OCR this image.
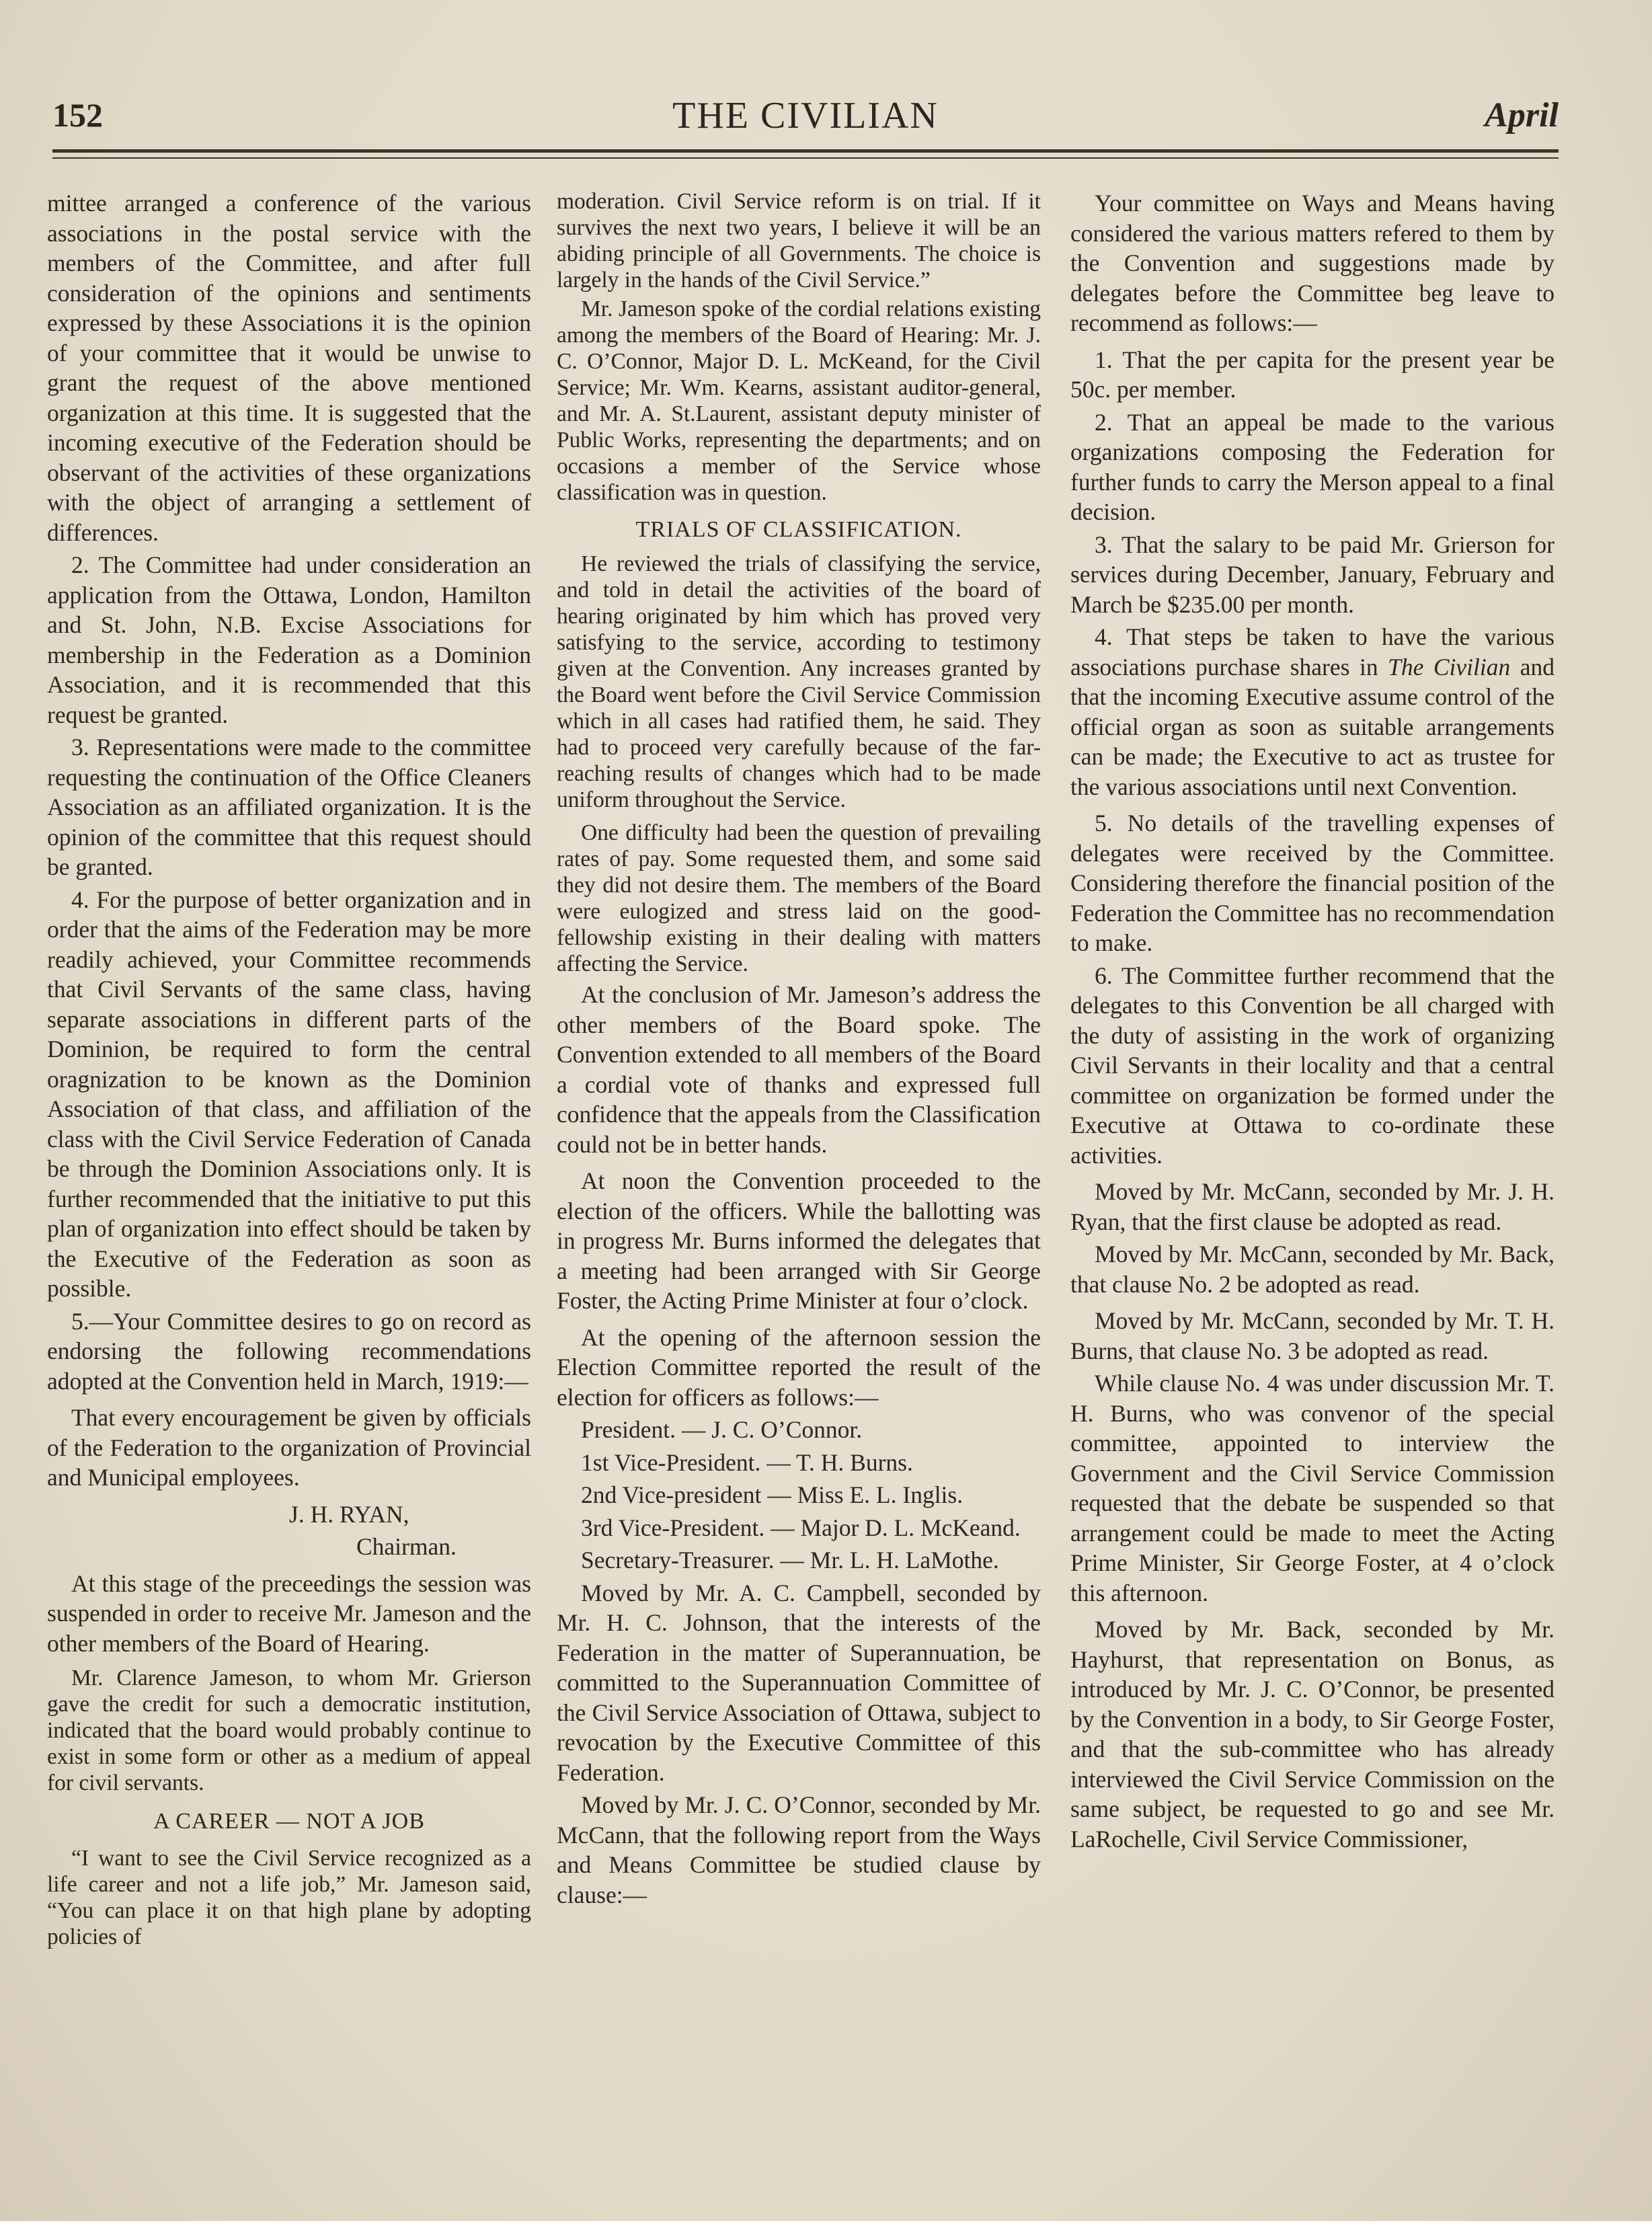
152	THE CIVILIAN	April

mittee arranged a conference of the various associations in the postal service with the members of the Committee, and after full consideration of the opinions and sentiments expressed by these Associations it is the opinion of your committee that it would be unwise to grant the request of the above mentioned organization at this time. It is suggested that the incoming executive of the Federation should be observant of the activities of these organizations with the object of arranging a settlement of differences.

2. The Committee had under consideration an application from the Ottawa, London, Hamilton and St. John, N.B. Excise Associations for membership in the Federation as a Dominion Association, and it is recommended that this request be granted.

3. Representations were made to the committee requesting the continuation of the Office Cleaners Association as an affiliated organization. It is the opinion of the committee that this request should be granted.

4. For the purpose of better organization and in order that the aims of the Federation may be more readily achieved, your Committee recommends that Civil Servants of the same class, having separate associations in different parts of the Dominion, be required to form the central oragnization to be known as the Dominion Association of that class, and affiliation of the class with the Civil Service Federation of Canada be through the Dominion Associations only. It is further recommended that the initiative to put this plan of organization into effect should be taken by the Executive of the Federation as soon as possible.

5.—Your Committee desires to go on record as endorsing the following recommendations adopted at the Convention held in March, 1919:—

That every encouragement be given by officials of the Federation to the organization of Provincial and Municipal employees.

J. H. RYAN,

Chairman.

At this stage of the preceedings the session was suspended in order to receive Mr. Jameson and the other members of the Board of Hearing.

Mr. Clarence Jameson, to whom Mr. Grierson gave the credit for such a democratic institution, indicated that the board would probably continue to exist in some form or other as a medium of appeal for civil servants.

A CAREER — NOT A JOB

“I want to see the Civil Service recognized as a life career and not a life job,” Mr. Jameson said, “You can place it on that high plane by adopting policies of

moderation. Civil Service reform is on trial. If it survives the next two years, I believe it will be an abiding principle of all Governments. The choice is largely in the hands of the Civil Service.”

Mr. Jameson spoke of the cordial relations existing among the members of the Board of Hearing: Mr. J. C. O’Connor, Major D. L. McKeand, for the Civil Service; Mr. Wm. Kearns, assistant auditor-general, and Mr. A. St.Laurent, assistant deputy minister of Public Works, representing the departments; and on occasions a member of the Service whose classification was in question.

TRIALS OF CLASSIFICATION.

He reviewed the trials of classifying the service, and told in detail the activities of the board of hearing originated by him which has proved very satisfying to the service, according to testimony given at the Convention. Any increases granted by the Board went before the Civil Service Commission which in all cases had ratified them, he said. They had to proceed very carefully because of the far-reaching results of changes which had to be made uniform throughout the Service.

One difficulty had been the question of prevailing rates of pay. Some requested them, and some said they did not desire them. The members of the Board were eulogized and stress laid on the good-fellowship existing in their dealing with matters affecting the Service.

At the conclusion of Mr. Jameson’s address the other members of the Board spoke. The Convention extended to all members of the Board a cordial vote of thanks and expressed full confidence that the appeals from the Classification could not be in better hands.

At noon the Convention proceeded to the election of the officers. While the ballotting was in progress Mr. Burns informed the delegates that a meeting had been arranged with Sir George Foster, the Acting Prime Minister at four o’clock.

At the opening of the afternoon session the Election Committee reported the result of the election for officers as follows:—

President. — J. C. O’Connor.

1st Vice-President. — T. H. Burns.

2nd Vice-president — Miss E. L. Inglis.

3rd Vice-President. — Major D. L. McKeand.

Secretary-Treasurer. — Mr. L. H. LaMothe.

Moved by Mr. A. C. Campbell, seconded by Mr. H. C. Johnson, that the interests of the Federation in the matter of Superannuation, be committed to the Superannuation Committee of the Civil Service Association of Ottawa, subject to revocation by the Executive Committee of this Federation.

Moved by Mr. J. C. O’Connor, seconded by Mr. McCann, that the following report from the Ways and Means Committee be studied clause by clause:—

Your committee on Ways and Means having considered the various matters refered to them by the Convention and suggestions made by delegates before the Committee beg leave to recommend as follows:—

1. That the per capita for the present year be 50c. per member.

2. That an appeal be made to the various organizations composing the Federation for further funds to carry the Merson appeal to a final decision.

3. That the salary to be paid Mr. Grierson for services during December, January, February and March be $235.00 per month.

4. That steps be taken to have the various associations purchase shares in The Civilian and that the incoming Executive assume control of the official organ as soon as suitable arrangements can be made; the Executive to act as trustee for the various associations until next Convention.

5. No details of the travelling expenses of delegates were received by the Committee. Considering therefore the financial position of the Federation the Committee has no recommendation to make.

6. The Committee further recommend that the delegates to this Convention be all charged with the duty of assisting in the work of organizing Civil Servants in their locality and that a central committee on organization be formed under the Executive at Ottawa to co-ordinate these activities.

Moved by Mr. McCann, seconded by Mr. J. H. Ryan, that the first clause be adopted as read.

Moved by Mr. McCann, seconded by Mr. Back, that clause No. 2 be adopted as read.

Moved by Mr. McCann, seconded by Mr. T. H. Burns, that clause No. 3 be adopted as read.

While clause No. 4 was under discussion Mr. T. H. Burns, who was convenor of the special committee, appointed to interview the Government and the Civil Service Commission requested that the debate be suspended so that arrangement could be made to meet the Acting Prime Minister, Sir George Foster, at 4 o’clock this afternoon.

Moved by Mr. Back, seconded by Mr. Hayhurst, that representation on Bonus, as introduced by Mr. J. C. O’Connor, be presented by the Convention in a body, to Sir George Foster, and that the sub-committee who has already interviewed the Civil Service Commission on the same subject, be requested to go and see Mr. LaRochelle, Civil Service Commissioner,
